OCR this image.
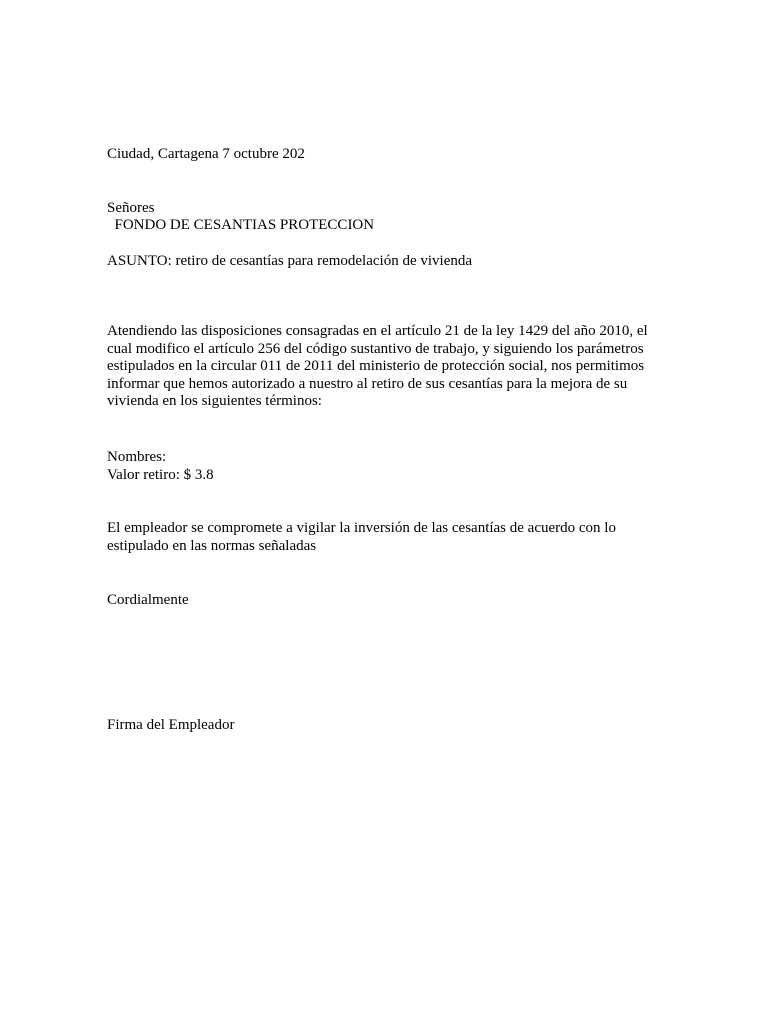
Ciudad, Cartagena 7 octubre 202
Señores
FONDO DE CESANTIAS PROTECCION
ASUNTO: retiro de cesantías para remodelación de vivienda

Atendiendo las disposiciones consagradas en el artículo 21 de la ley 1429 del año 2010, el

cual modifico el artículo 256 del código sustantivo de trabajo, y siguiendo los parámetros

estipulados en la circular 011 de 2011 del ministerio de protección social, nos permitimos

informar que hemos autorizado a nuestro al retiro de sus cesantías para la mejora de su

vivienda en los siguientes términos:

Nombres:
Valor retiro: $ 3.8

El empleador se compromete a vigilar la inversión de las cesantías de acuerdo con lo

estipulado en las normas señaladas

Cordialmente
Firma del Empleador
